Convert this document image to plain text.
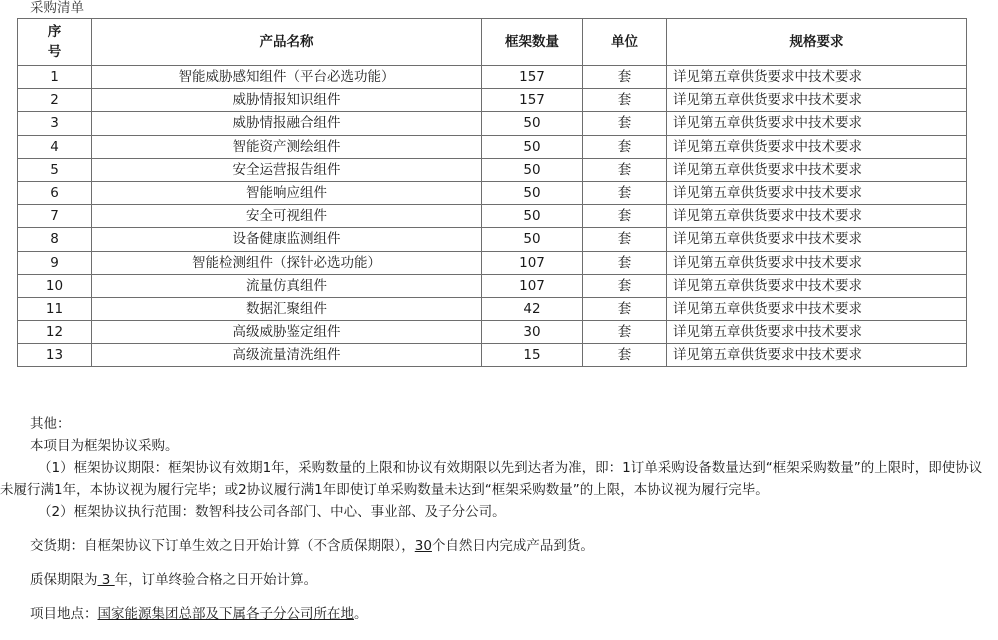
采购清单
序号	产品名称	框架数量	单位	规格要求
1	智能威胁感知组件（平台必选功能）	157	套	详见第五章供货要求中技术要求
2	威胁情报知识组件	157	套	详见第五章供货要求中技术要求
3	威胁情报融合组件	50	套	详见第五章供货要求中技术要求
4	智能资产测绘组件	50	套	详见第五章供货要求中技术要求
5	安全运营报告组件	50	套	详见第五章供货要求中技术要求
6	智能响应组件	50	套	详见第五章供货要求中技术要求
7	安全可视组件	50	套	详见第五章供货要求中技术要求
8	设备健康监测组件	50	套	详见第五章供货要求中技术要求
9	智能检测组件（探针必选功能）	107	套	详见第五章供货要求中技术要求
10	流量仿真组件	107	套	详见第五章供货要求中技术要求
11	数据汇聚组件	42	套	详见第五章供货要求中技术要求
12	高级威胁鉴定组件	30	套	详见第五章供货要求中技术要求
13	高级流量清洗组件	15	套	详见第五章供货要求中技术要求
其他：
本项目为框架协议采购。
（1）框架协议期限：框架协议有效期1年，采购数量的上限和协议有效期限以先到达者为准，即：1订单采购设备数量达到“框架采购数量”的上限时，即使协议未履行满1年，本协议视为履行完毕；或2协议履行满1年即使订单采购数量未达到“框架采购数量”的上限，本协议视为履行完毕。
（2）框架协议执行范围：数智科技公司各部门、中心、事业部、及子分公司。
交货期：自框架协议下订单生效之日开始计算（不含质保期限），30个自然日内完成产品到货。
质保期限为 3 年，订单终验合格之日开始计算。
项目地点：国家能源集团总部及下属各子分公司所在地。
